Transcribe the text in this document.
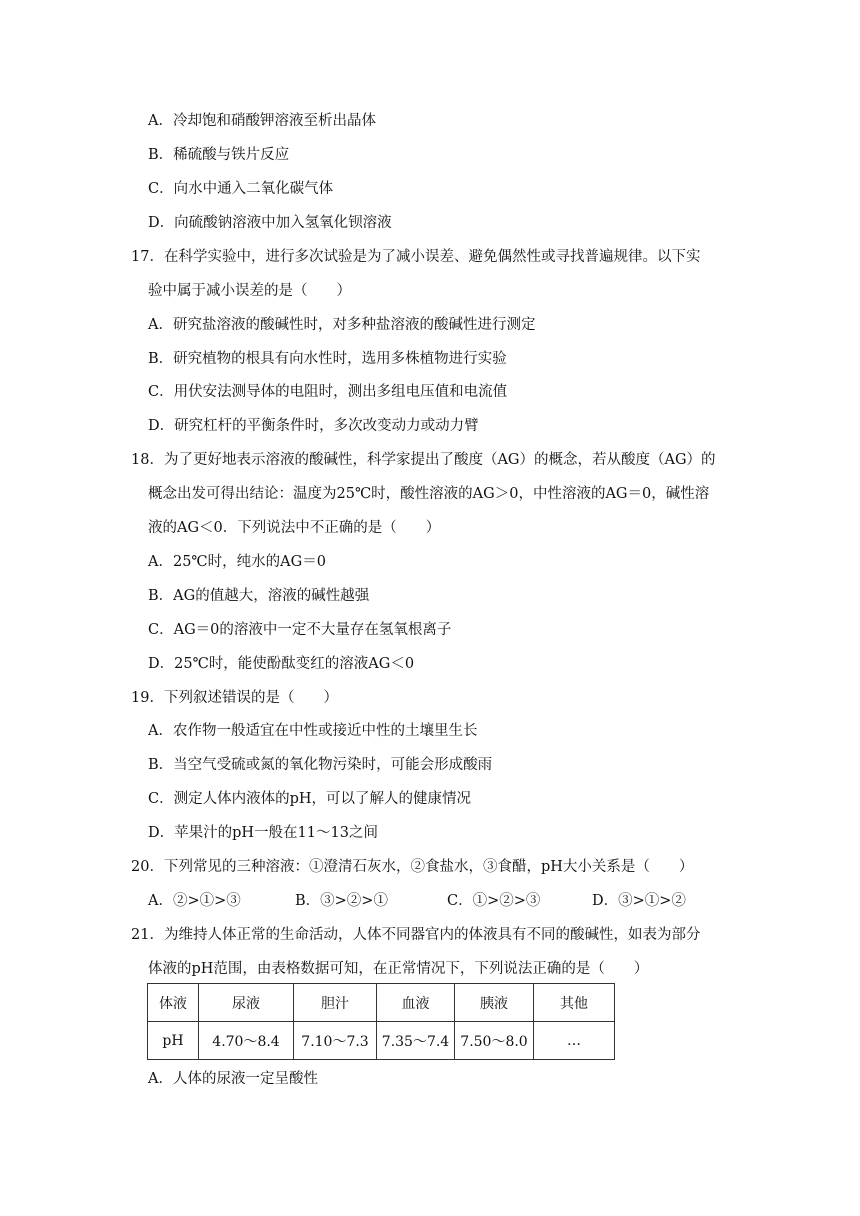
A．冷却饱和硝酸钾溶液至析出晶体
B．稀硫酸与铁片反应
C．向水中通入二氧化碳气体
D．向硫酸钠溶液中加入氢氧化钡溶液
17．在科学实验中，进行多次试验是为了减小误差、避免偶然性或寻找普遍规律。以下实
验中属于减小误差的是（　　）
A．研究盐溶液的酸碱性时，对多种盐溶液的酸碱性进行测定
B．研究植物的根具有向水性时，选用多株植物进行实验
C．用伏安法测导体的电阻时，测出多组电压值和电流值
D．研究杠杆的平衡条件时，多次改变动力或动力臂
18．为了更好地表示溶液的酸碱性，科学家提出了酸度（AG）的概念，若从酸度（AG）的
概念出发可得出结论：温度为25℃时，酸性溶液的AG＞0，中性溶液的AG＝0，碱性溶
液的AG＜0．下列说法中不正确的是（　　）
A．25℃时，纯水的AG＝0
B．AG的值越大，溶液的碱性越强
C．AG＝0的溶液中一定不大量存在氢氧根离子
D．25℃时，能使酚酞变红的溶液AG＜0
19．下列叙述错误的是（　　）
A．农作物一般适宜在中性或接近中性的土壤里生长
B．当空气受硫或氮的氧化物污染时，可能会形成酸雨
C．测定人体内液体的pH，可以了解人的健康情况
D．苹果汁的pH一般在11～13之间
20．下列常见的三种溶液：①澄清石灰水，②食盐水，③食醋，pH大小关系是（　　）
A．②>①>③	B．③>②>①	C．①>②>③	D．③>①>②
21．为维持人体正常的生命活动，人体不同器官内的体液具有不同的酸碱性，如表为部分
体液的pH范围，由表格数据可知，在正常情况下，下列说法正确的是（　　）
体液	尿液	胆汁	血液	胰液	其他
pH	4.70～8.4	7.10～7.3	7.35～7.4	7.50～8.0	…
A．人体的尿液一定呈酸性
